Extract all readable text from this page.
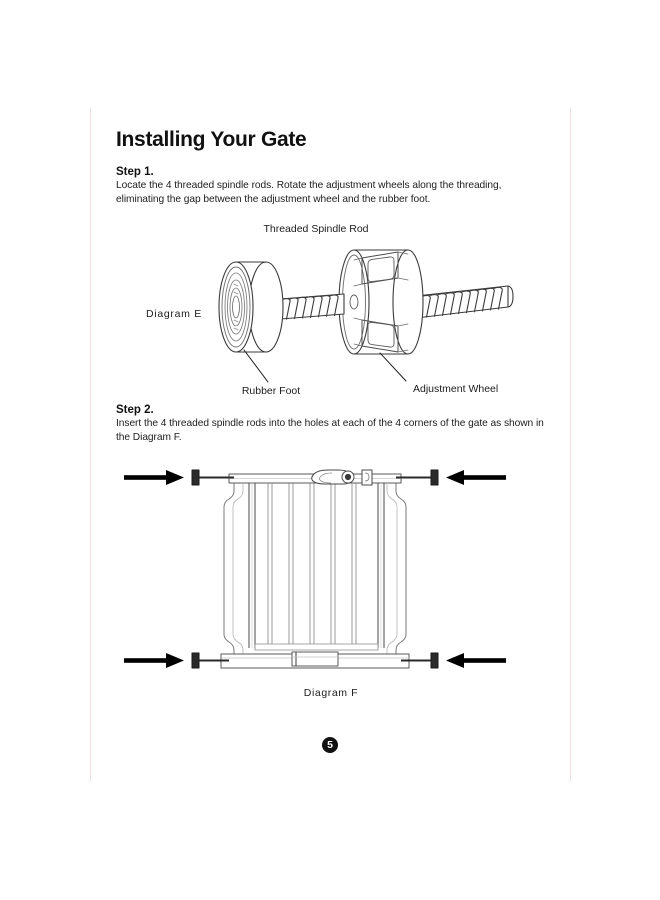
Installing Your Gate

Step 1.

Locate the 4 threaded spindle rods. Rotate the adjustment wheels along the threading, eliminating the gap between the adjustment wheel and the rubber foot.

Threaded Spindle Rod
Diagram E
Rubber Foot	Adjustment Wheel

Step 2.

Insert the 4 threaded spindle rods into the holes at each of the 4 corners of the gate as shown in the Diagram F.

Diagram F
5
